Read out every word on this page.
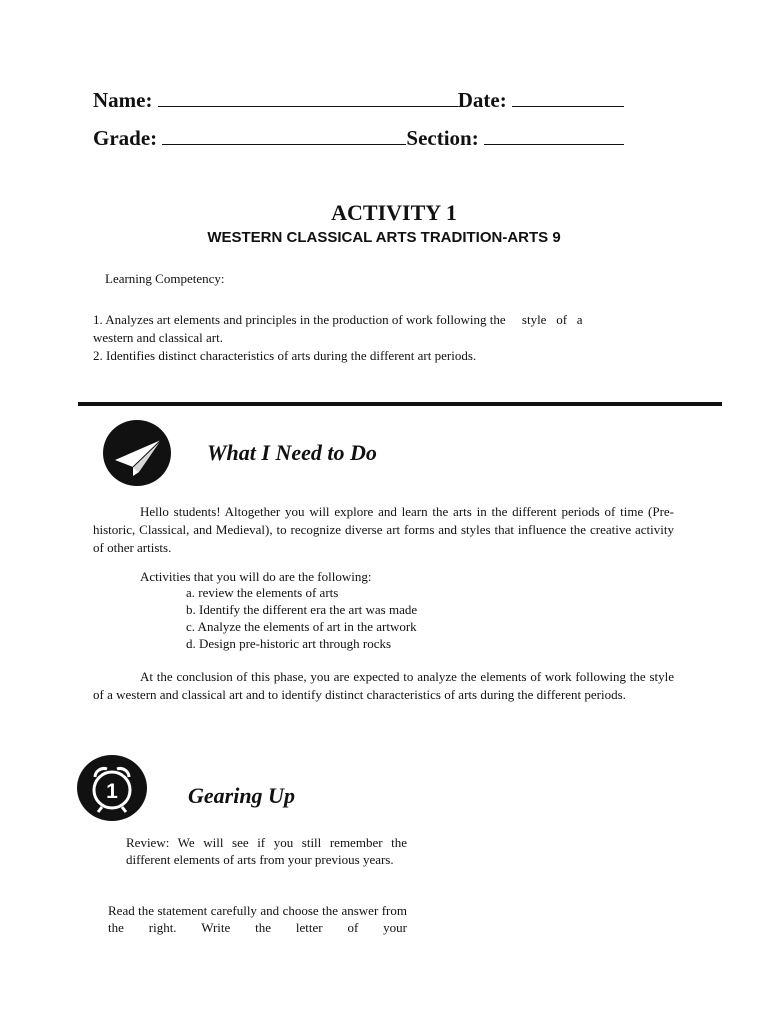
Name:	Date:
Grade:	Section:
ACTIVITY 1
WESTERN CLASSICAL ARTS TRADITION-ARTS 9
Learning Competency:

1. Analyzes art elements and principles in the production of work following the     style   of   a

western and classical art.

2. Identifies distinct characteristics of arts during the different art periods.

What I Need to Do
Hello students! Altogether you will explore and learn the arts in the different periods of time (Pre-historic, Classical, and Medieval), to recognize diverse art forms and styles that influence the creative activity of other artists.
Activities that you will do are the following:

a. review the elements of arts

b. Identify the different era the art was made

c. Analyze the elements of art in the artwork

d. Design pre-historic art through rocks

At the conclusion of this phase, you are expected to analyze the elements of work following the style of a western and classical art and to identify distinct characteristics of arts during the different periods.
1	Gearing Up
Review: We will see if you still remember the different elements of arts from your previous years.
Read the statement carefully and choose the answer from the right. Write the letter of your
